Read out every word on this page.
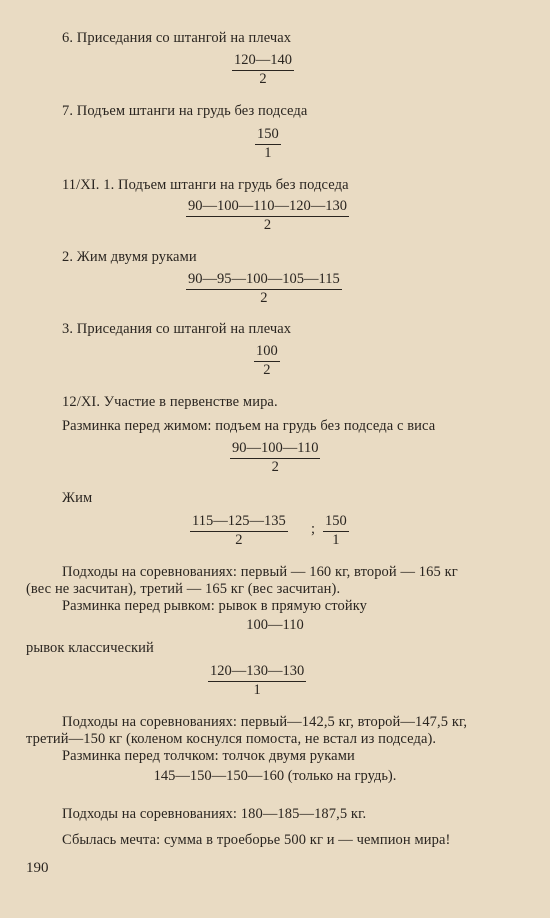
6. Приседания со штангой на плечах
$\frac{120—140}{2}$
7. Подъем штанги на грудь без подседа
$\frac{150}{1}$
11/XI. 1. Подъем штанги на грудь без подседа
$\frac{90—100—110—120—130}{2}$
2. Жим двумя руками
$\frac{90—95—100—105—115}{2}$
3. Приседания со штангой на плечах
$\frac{100}{2}$
12/XI. Участие в первенстве мира.
Разминка перед жимом: подъем на грудь без подседа с виса
$\frac{90—100—110}{2}$
Жим
$\frac{115—125—135}{2}$ ; $\frac{150}{1}$
Подходы на соревнованиях: первый — 160 кг, второй — 165 кг
(вес не засчитан), третий — 165 кг (вес засчитан).
Разминка перед рывком: рывок в прямую стойку
100—110
рывок классический
$\frac{120—130—130}{1}$
Подходы на соревнованиях: первый—142,5 кг, второй—147,5 кг,
третий—150 кг (коленом коснулся помоста, не встал из подседа).
Разминка перед толчком: толчок двумя руками
145—150—150—160 (только на грудь).
Подходы на соревнованиях: 180—185—187,5 кг.
Сбылась мечта: сумма в троеборье 500 кг и — чемпион мира!
190
